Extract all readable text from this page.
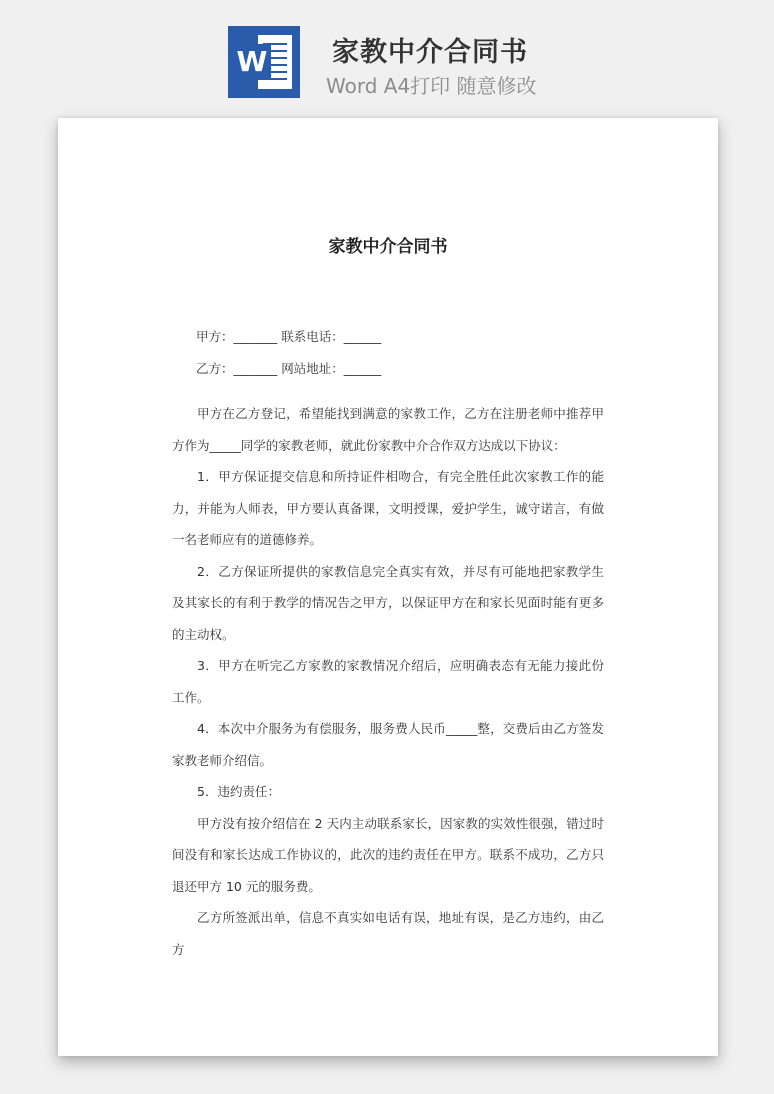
W 家教中介合同书
Word A4打印 随意修改
家教中介合同书
甲方：_______ 联系电话：______
乙方：_______ 网站地址：______

甲方在乙方登记，希望能找到满意的家教工作，乙方在注册老师中推荐甲方作为_____同学的家教老师，就此份家教中介合作双方达成以下协议：

1．甲方保证提交信息和所持证件相吻合，有完全胜任此次家教工作的能力，并能为人师表，甲方要认真备课，文明授课，爱护学生，诚守诺言，有做一名老师应有的道德修养。

2．乙方保证所提供的家教信息完全真实有效，并尽有可能地把家教学生及其家长的有利于教学的情况告之甲方，以保证甲方在和家长见面时能有更多的主动权。

3．甲方在听完乙方家教的家教情况介绍后，应明确表态有无能力接此份工作。

4．本次中介服务为有偿服务，服务费人民币_____整，交费后由乙方签发家教老师介绍信。

5．违约责任：

甲方没有按介绍信在 2 天内主动联系家长，因家教的实效性很强，错过时间没有和家长达成工作协议的，此次的违约责任在甲方。联系不成功，乙方只退还甲方 10 元的服务费。

乙方所签派出单，信息不真实如电话有误，地址有误，是乙方违约，由乙方
